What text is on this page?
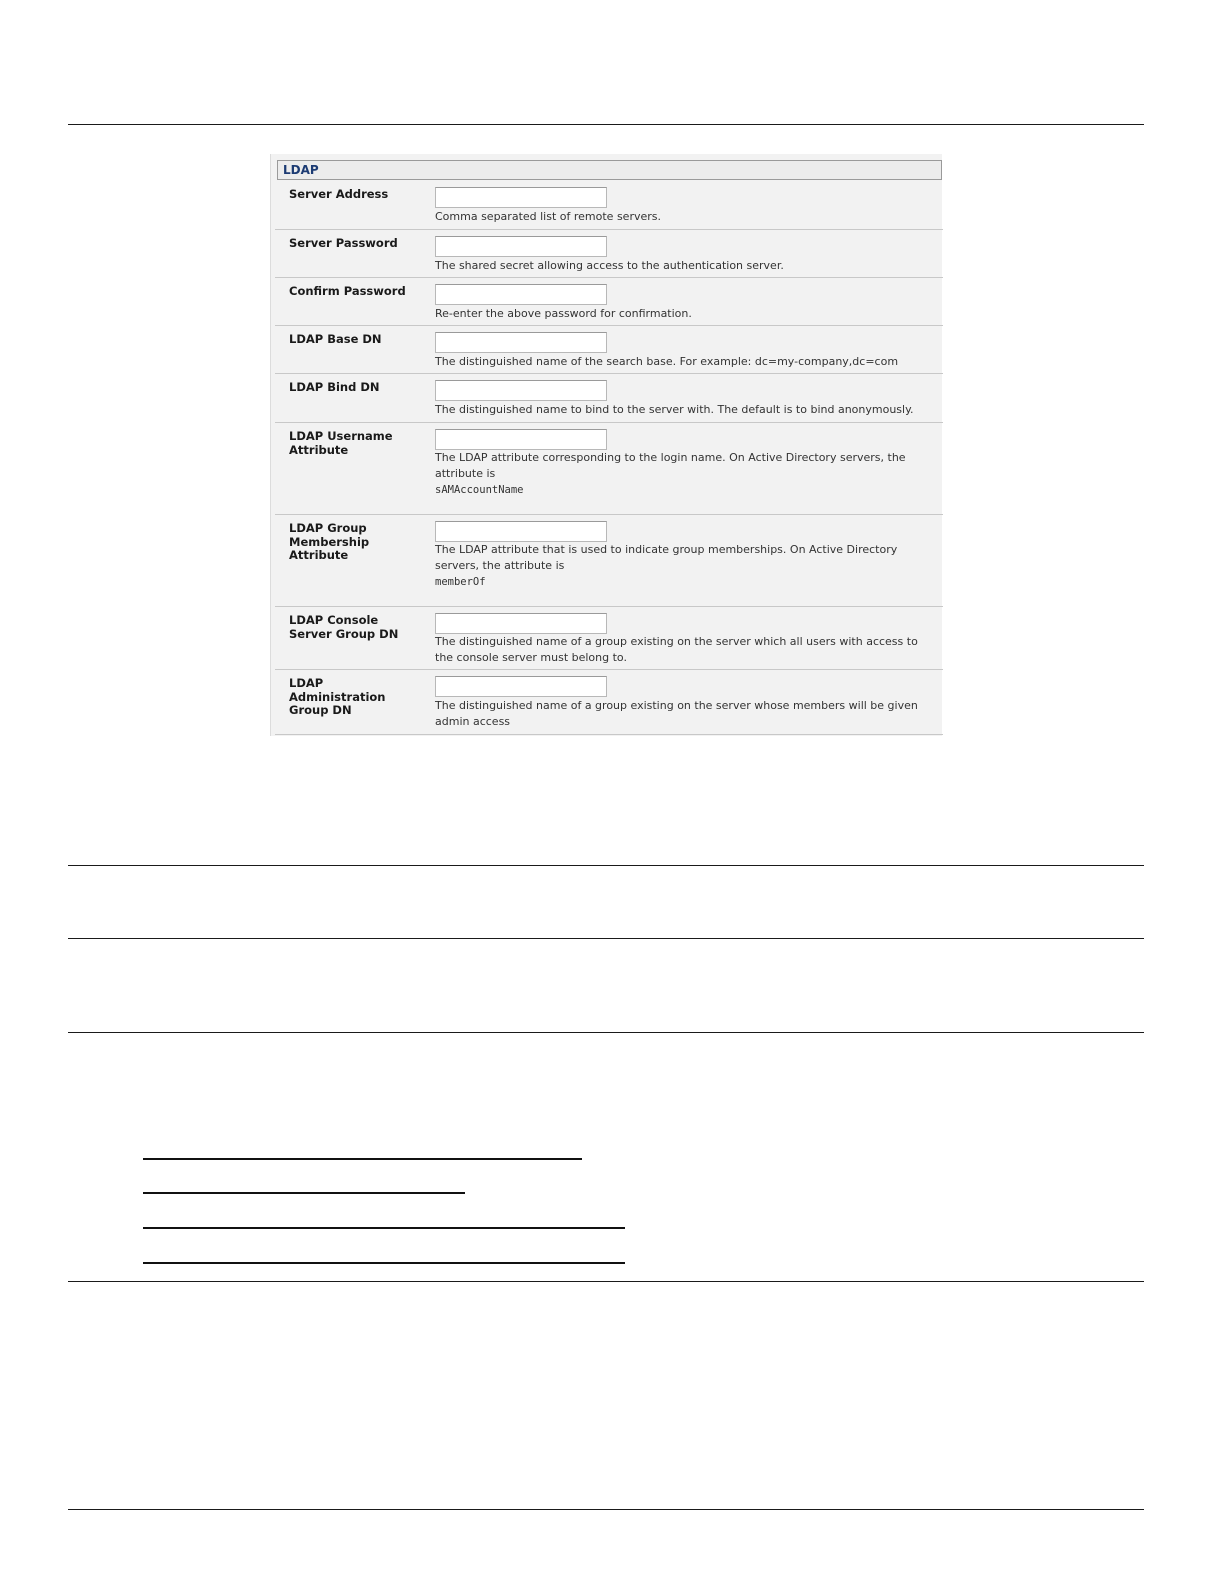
LDAP
Server Address
Comma separated list of remote servers.
Server Password
The shared secret allowing access to the authentication server.
Confirm Password
Re-enter the above password for confirmation.
LDAP Base DN
The distinguished name of the search base. For example: dc=my-company,dc=com
LDAP Bind DN
The distinguished name to bind to the server with. The default is to bind anonymously.
LDAP Username Attribute
The LDAP attribute corresponding to the login name. On Active Directory servers, the attribute is
sAMAccountName
LDAP Group Membership Attribute	The LDAP attribute that is used to indicate group memberships. On Active Directory servers, the attribute is
memberOf
LDAP Console Server Group DN
The distinguished name of a group existing on the server which all users with access to the console server must belong to.
LDAP Administration Group DN	The distinguished name of a group existing on the server whose members will be given admin access
